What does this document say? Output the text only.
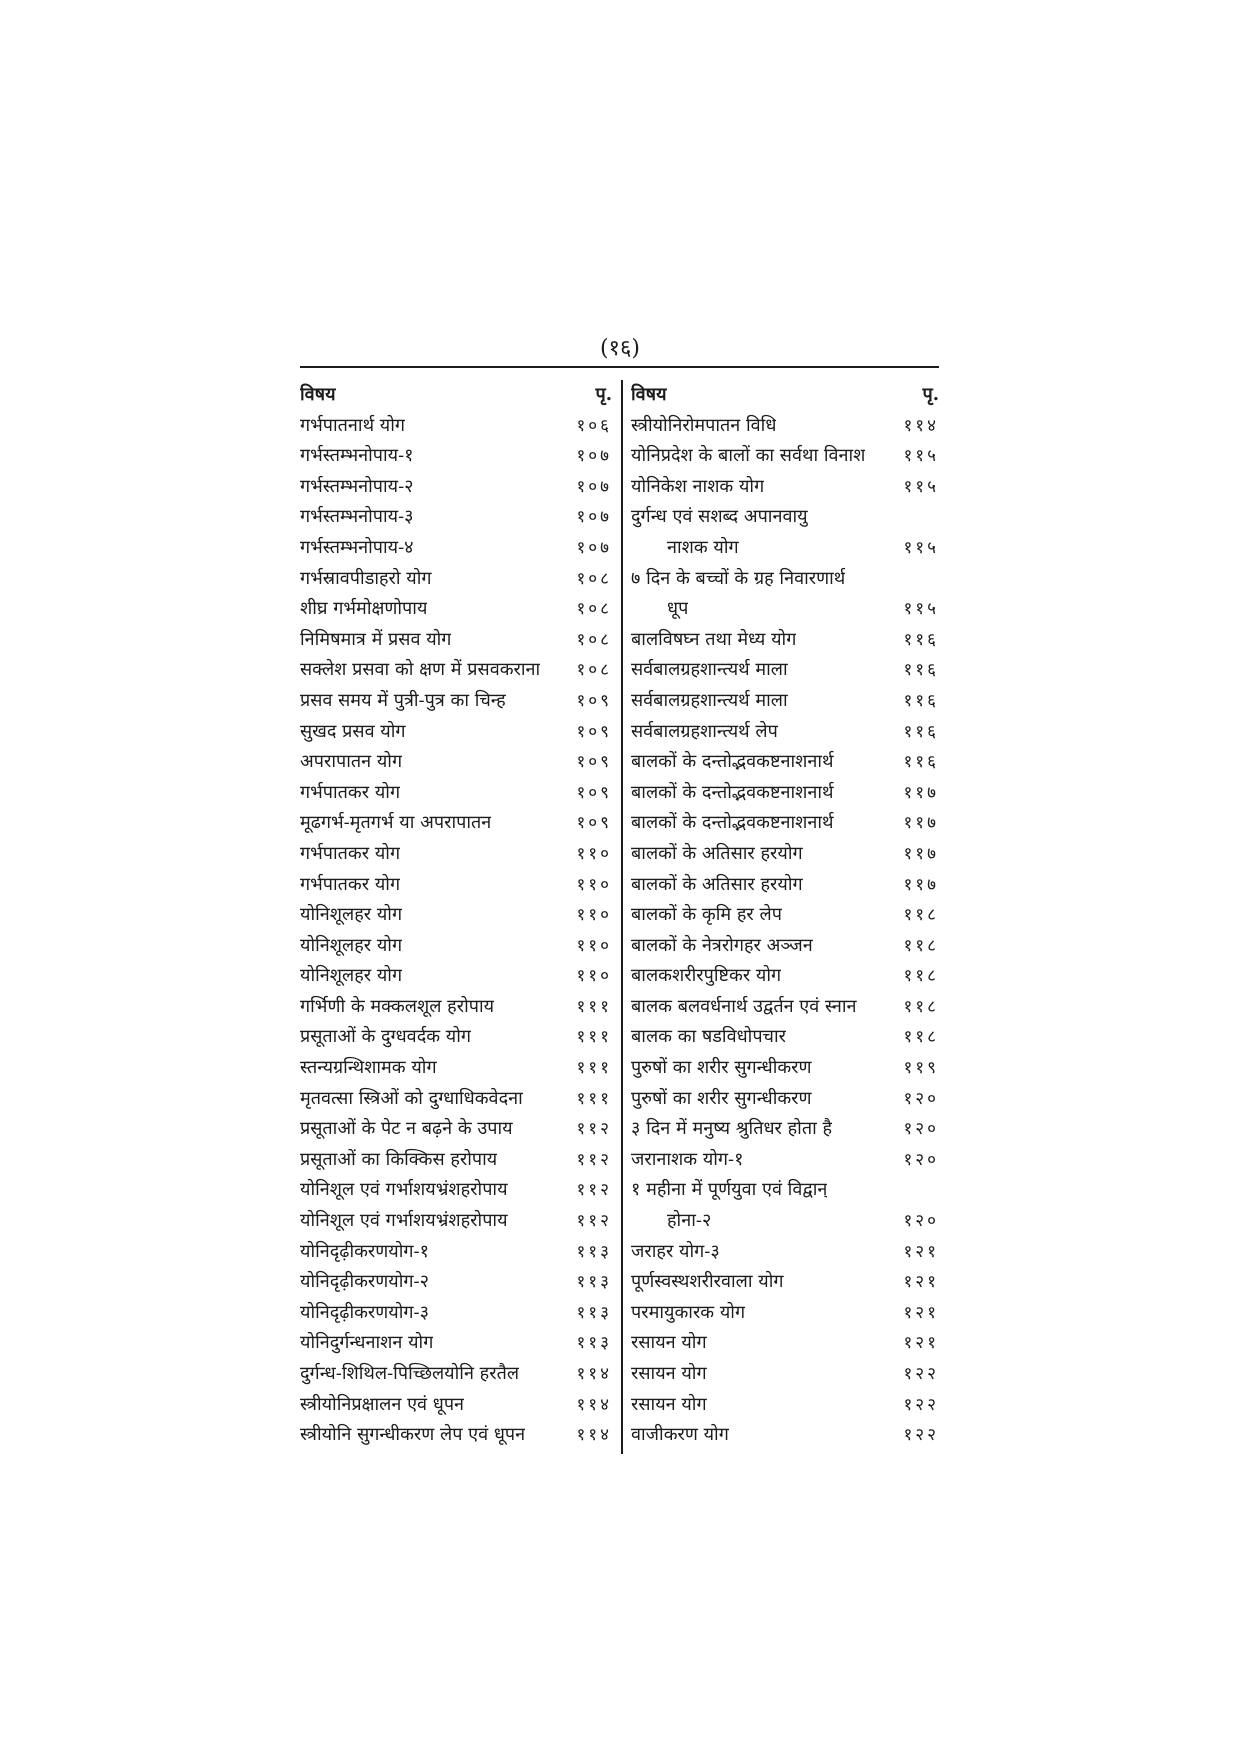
(१६)
विषय	पृ.
गर्भपातनार्थ योग	१०६
गर्भस्तम्भनोपाय-१	१०७
गर्भस्तम्भनोपाय-२	१०७
गर्भस्तम्भनोपाय-३	१०७
गर्भस्तम्भनोपाय-४	१०७
गर्भस्रावपीडाहरो योग	१०८
शीघ्र गर्भमोक्षणोपाय	१०८
निमिषमात्र में प्रसव योग	१०८
सक्लेश प्रसवा को क्षण में प्रसवकराना १०८
प्रसव समय में पुत्री-पुत्र का चिन्ह	१०९
सुखद प्रसव योग	१०९
अपरापातन योग	१०९
गर्भपातकर योग	१०९
मूढगर्भ-मृतगर्भ या अपरापातन	१०९
गर्भपातकर योग	११०
गर्भपातकर योग	११०
योनिशूलहर योग	११०
योनिशूलहर योग	११०
योनिशूलहर योग	११०
गर्भिणी के मक्कलशूल हरोपाय	१११
प्रसूताओं के दुग्धवर्दक योग	१११
स्तन्यग्रन्थिशामक योग	१११
मृतवत्सा स्त्रिओं को दुग्धाधिकवेदना	१११
प्रसूताओं के पेट न बढ़ने के उपाय	११२
प्रसूताओं का किक्किस हरोपाय	११२
योनिशूल एवं गर्भाशयभ्रंशहरोपाय	११२
योनिशूल एवं गर्भाशयभ्रंशहरोपाय	११२
योनिदृढ़ीकरणयोग-१	११३
योनिदृढ़ीकरणयोग-२	११३
योनिदृढ़ीकरणयोग-३	११३
योनिदुर्गन्धनाशन योग	११३
दुर्गन्ध-शिथिल-पिच्छिलयोनि हरतैल	११४
स्त्रीयोनिप्रक्षालन एवं धूपन	११४
स्त्रीयोनि सुगन्धीकरण लेप एवं धूपन	११४
विषय	पृ.
स्त्रीयोनिरोमपातन विधि	११४
योनिप्रदेश के बालों का सर्वथा विनाश ११५
योनिकेश नाशक योग	११५
दुर्गन्ध एवं सशब्द अपानवायु
नाशक योग	११५
७ दिन के बच्चों के ग्रह निवारणार्थ
धूप	११५
बालविषघ्न तथा मेध्य योग	११६
सर्वबालग्रहशान्त्यर्थ माला	११६
सर्वबालग्रहशान्त्यर्थ माला	११६
सर्वबालग्रहशान्त्यर्थ लेप	११६
बालकों के दन्तोद्भवकष्टनाशनार्थ	११६
बालकों के दन्तोद्भवकष्टनाशनार्थ	११७
बालकों के दन्तोद्भवकष्टनाशनार्थ	११७
बालकों के अतिसार हरयोग	११७
बालकों के अतिसार हरयोग	११७
बालकों के कृमि हर लेप	११८
बालकों के नेत्ररोगहर अञ्जन	११८
बालकशरीरपुष्टिकर योग	११८
बालक बलवर्धनार्थ उद्वर्तन एवं स्नान	११८
बालक का षडविधोपचार	११८
पुरुषों का शरीर सुगन्धीकरण	११९
पुरुषों का शरीर सुगन्धीकरण	१२०
३ दिन में मनुष्य श्रुतिधर होता है	१२०
जरानाशक योग-१	१२०
१ महीना में पूर्णयुवा एवं विद्वान्
होना-२	१२०
जराहर योग-३	१२१
पूर्णस्वस्थशरीरवाला योग	१२१
परमायुकारक योग	१२१
रसायन योग	१२१
रसायन योग	१२२
रसायन योग	१२२
वाजीकरण योग	१२२
